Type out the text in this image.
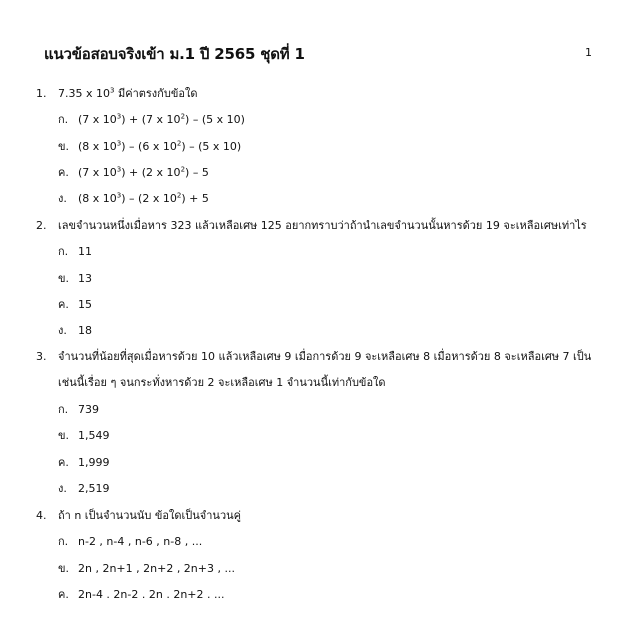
แนวข้อสอบจริงเข้า ม.1 ปี 2565 ชุดที่ 1	1
1. 7.35 x $10^3$ มีค่าตรงกับข้อใด
ก. (7 x $10^3) + (7$ x $10^2) - (5$ x 10)
ข. (8 x $10^3) - (6$ x $10^2) - (5$ x 10)
ค. (7 x $10^3) + (2$ x $10^2) - 5$
ง. (8 x $10^3) - (2$ x $10^2) + 5$
2. เลขจำนวนหนึ่งเมื่อหาร 323 แล้วเหลือเศษ 125 อยากทราบว่าถ้านำเลขจำนวนนั้นหารด้วย 19 จะเหลือเศษเท่าไร
ก. 11
ข. 13
ค. 15
ง. 18
3. จำนวนที่น้อยที่สุดเมื่อหารด้วย 10 แล้วเหลือเศษ 9 เมื่อการด้วย 9 จะเหลือเศษ 8 เมื่อหารด้วย 8 จะเหลือเศษ 7 เป็น
เช่นนี้เรื่อย ๆ จนกระทั่งหารด้วย 2 จะเหลือเศษ 1 จำนวนนี้เท่ากับข้อใด
ก. 739
ข. 1,549
ค. 1,999
ง. 2,519
4. ถ้า n เป็นจำนวนนับ ข้อใดเป็นจำนวนคู่
ก. n-2 , n-4 , n-6 , n-8 , ...
ข. 2n , 2n+1 , 2n+2 , 2n+3 , ...
ค. 2n-4 . 2n-2 . 2n . 2n+2 . ...
